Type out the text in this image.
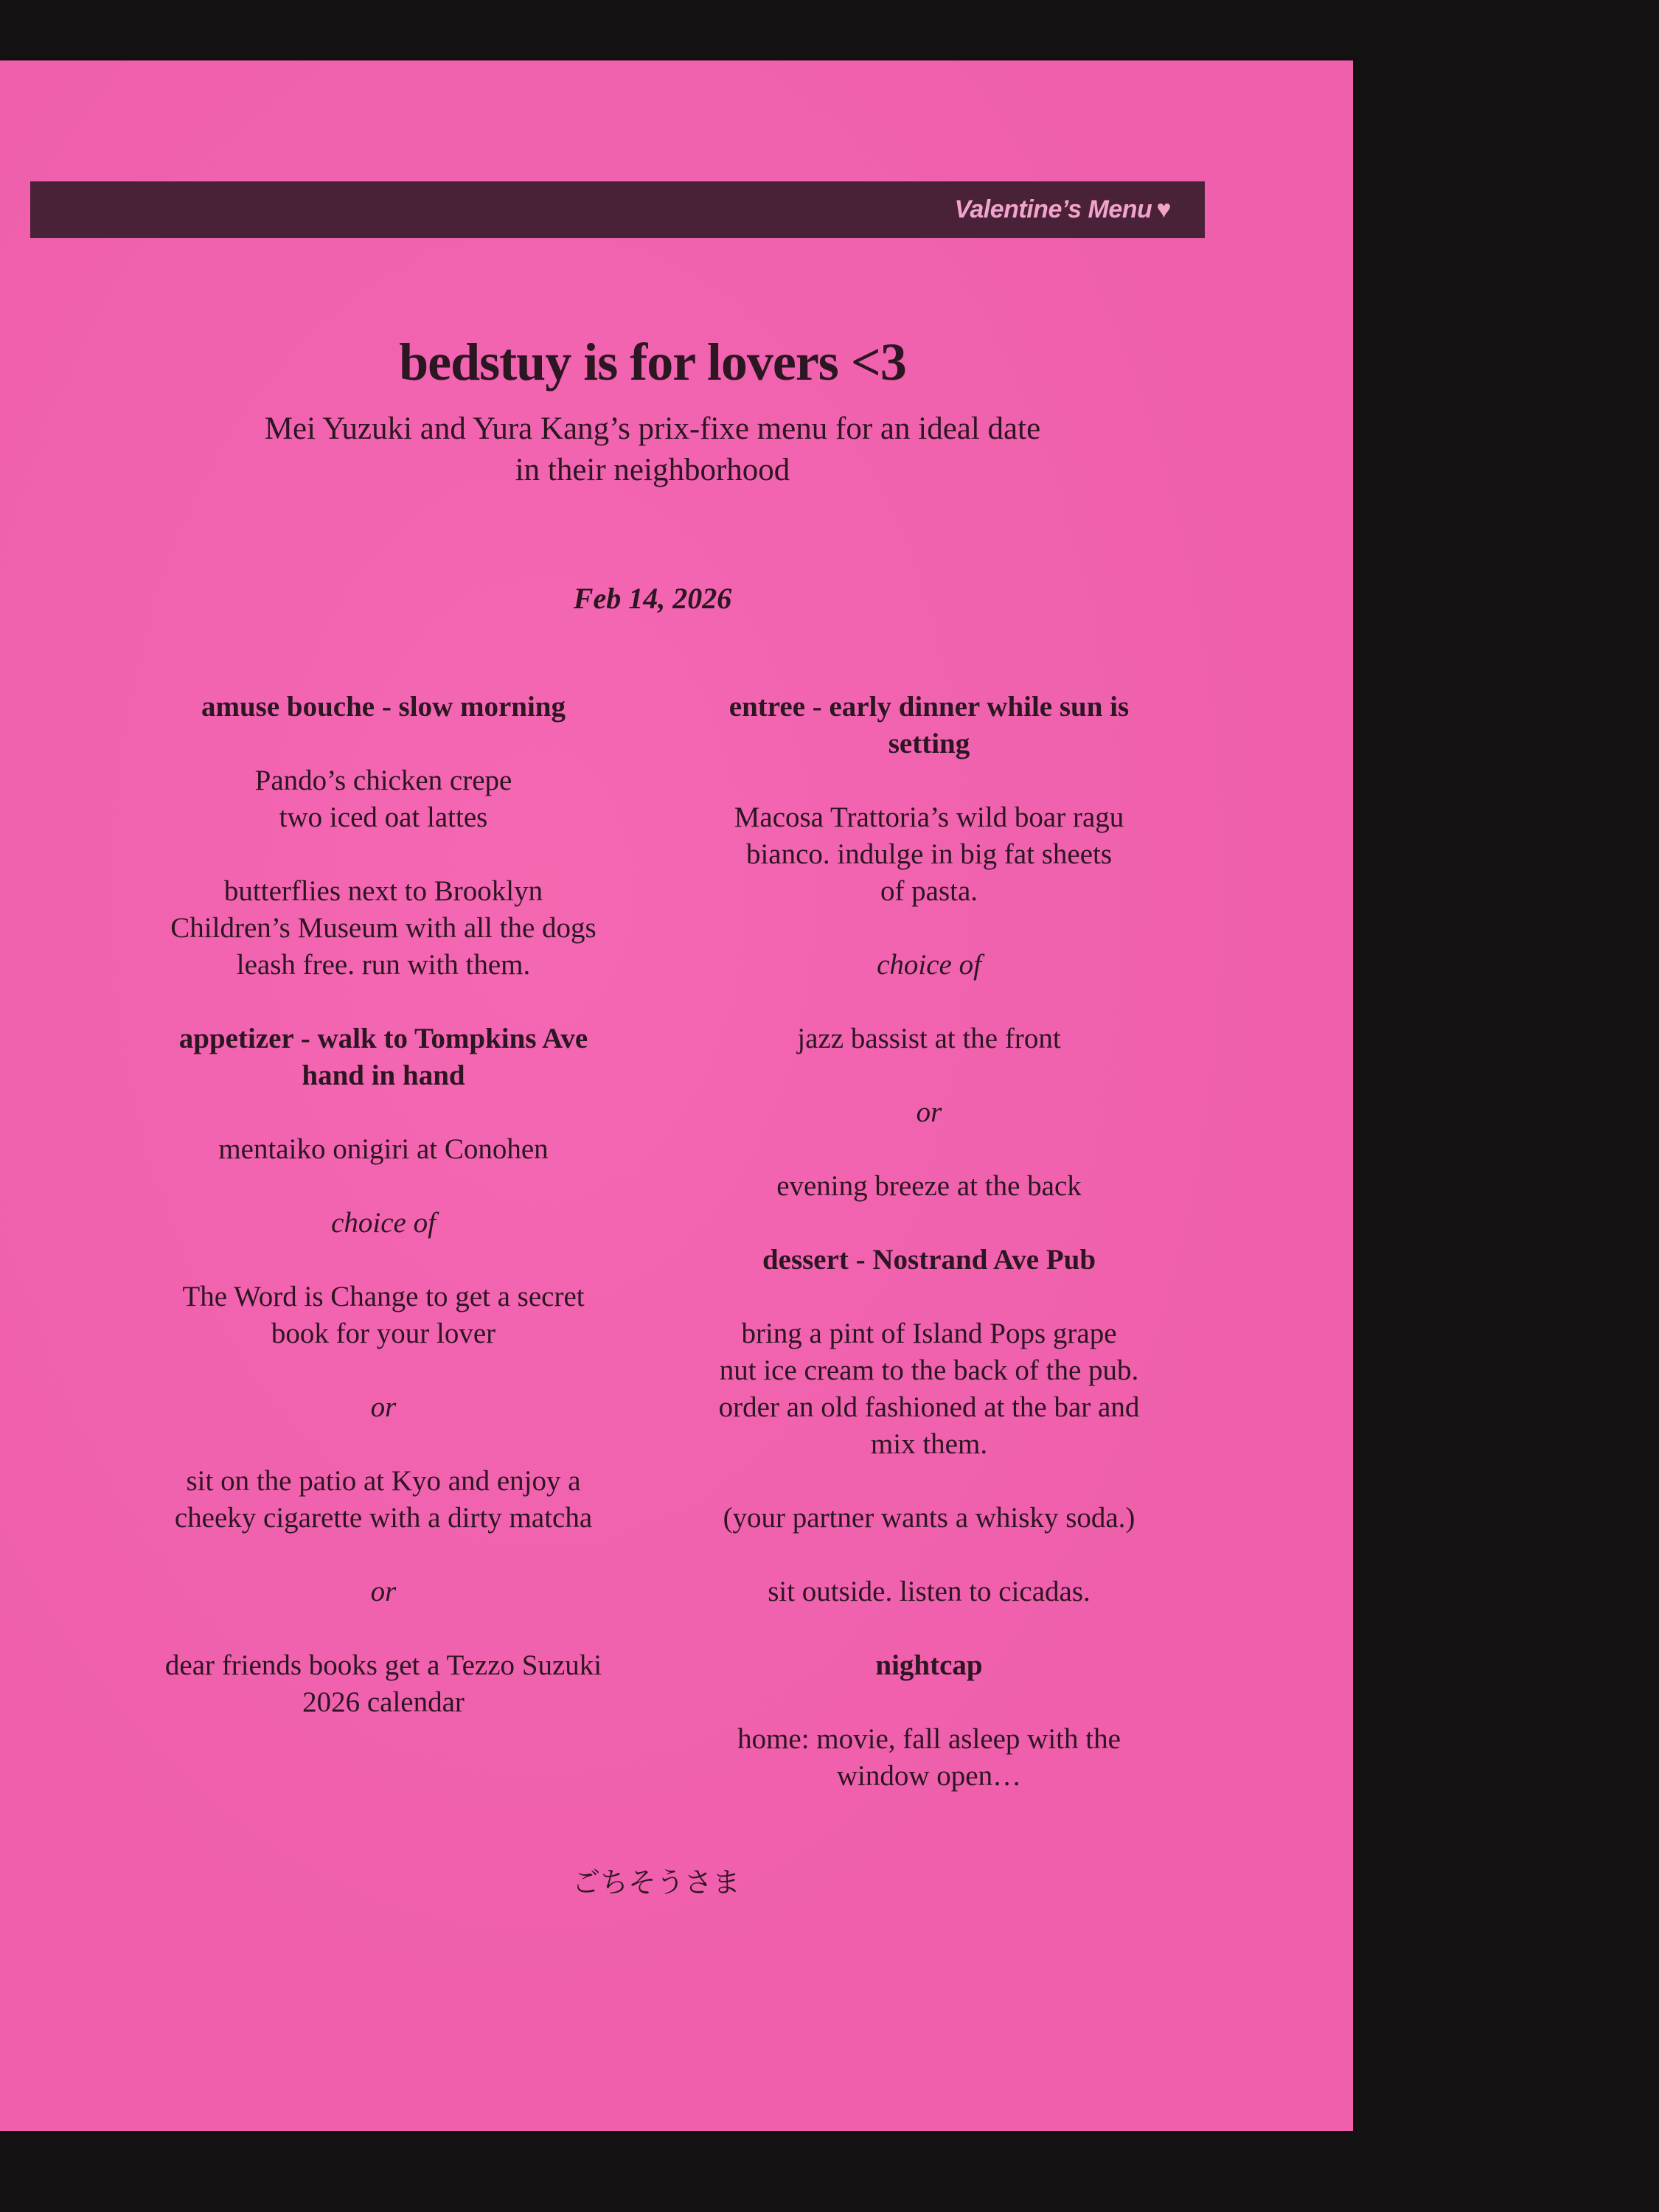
Valentine’s Menu ♥
bedstuy is for lovers <3
Mei Yuzuki and Yura Kang’s prix-fixe menu for an ideal date
in their neighborhood
Feb 14, 2026

amuse bouche - slow morning

Pando’s chicken crepe
two iced oat lattes

butterflies next to Brooklyn
Children’s Museum with all the dogs
leash free. run with them.

appetizer - walk to Tompkins Ave
hand in hand

mentaiko onigiri at Conohen

choice of

The Word is Change to get a secret
book for your lover

or

sit on the patio at Kyo and enjoy a
cheeky cigarette with a dirty matcha

or

dear friends books get a Tezzo Suzuki
2026 calendar

entree - early dinner while sun is
setting

Macosa Trattoria’s wild boar ragu
bianco. indulge in big fat sheets
of pasta.

choice of

jazz bassist at the front

or

evening breeze at the back

dessert - Nostrand Ave Pub

bring a pint of Island Pops grape
nut ice cream to the back of the pub.
order an old fashioned at the bar and
mix them.

(your partner wants a whisky soda.)

sit outside. listen to cicadas.

nightcap

home: movie, fall asleep with the
window open…

ごちそうさま
